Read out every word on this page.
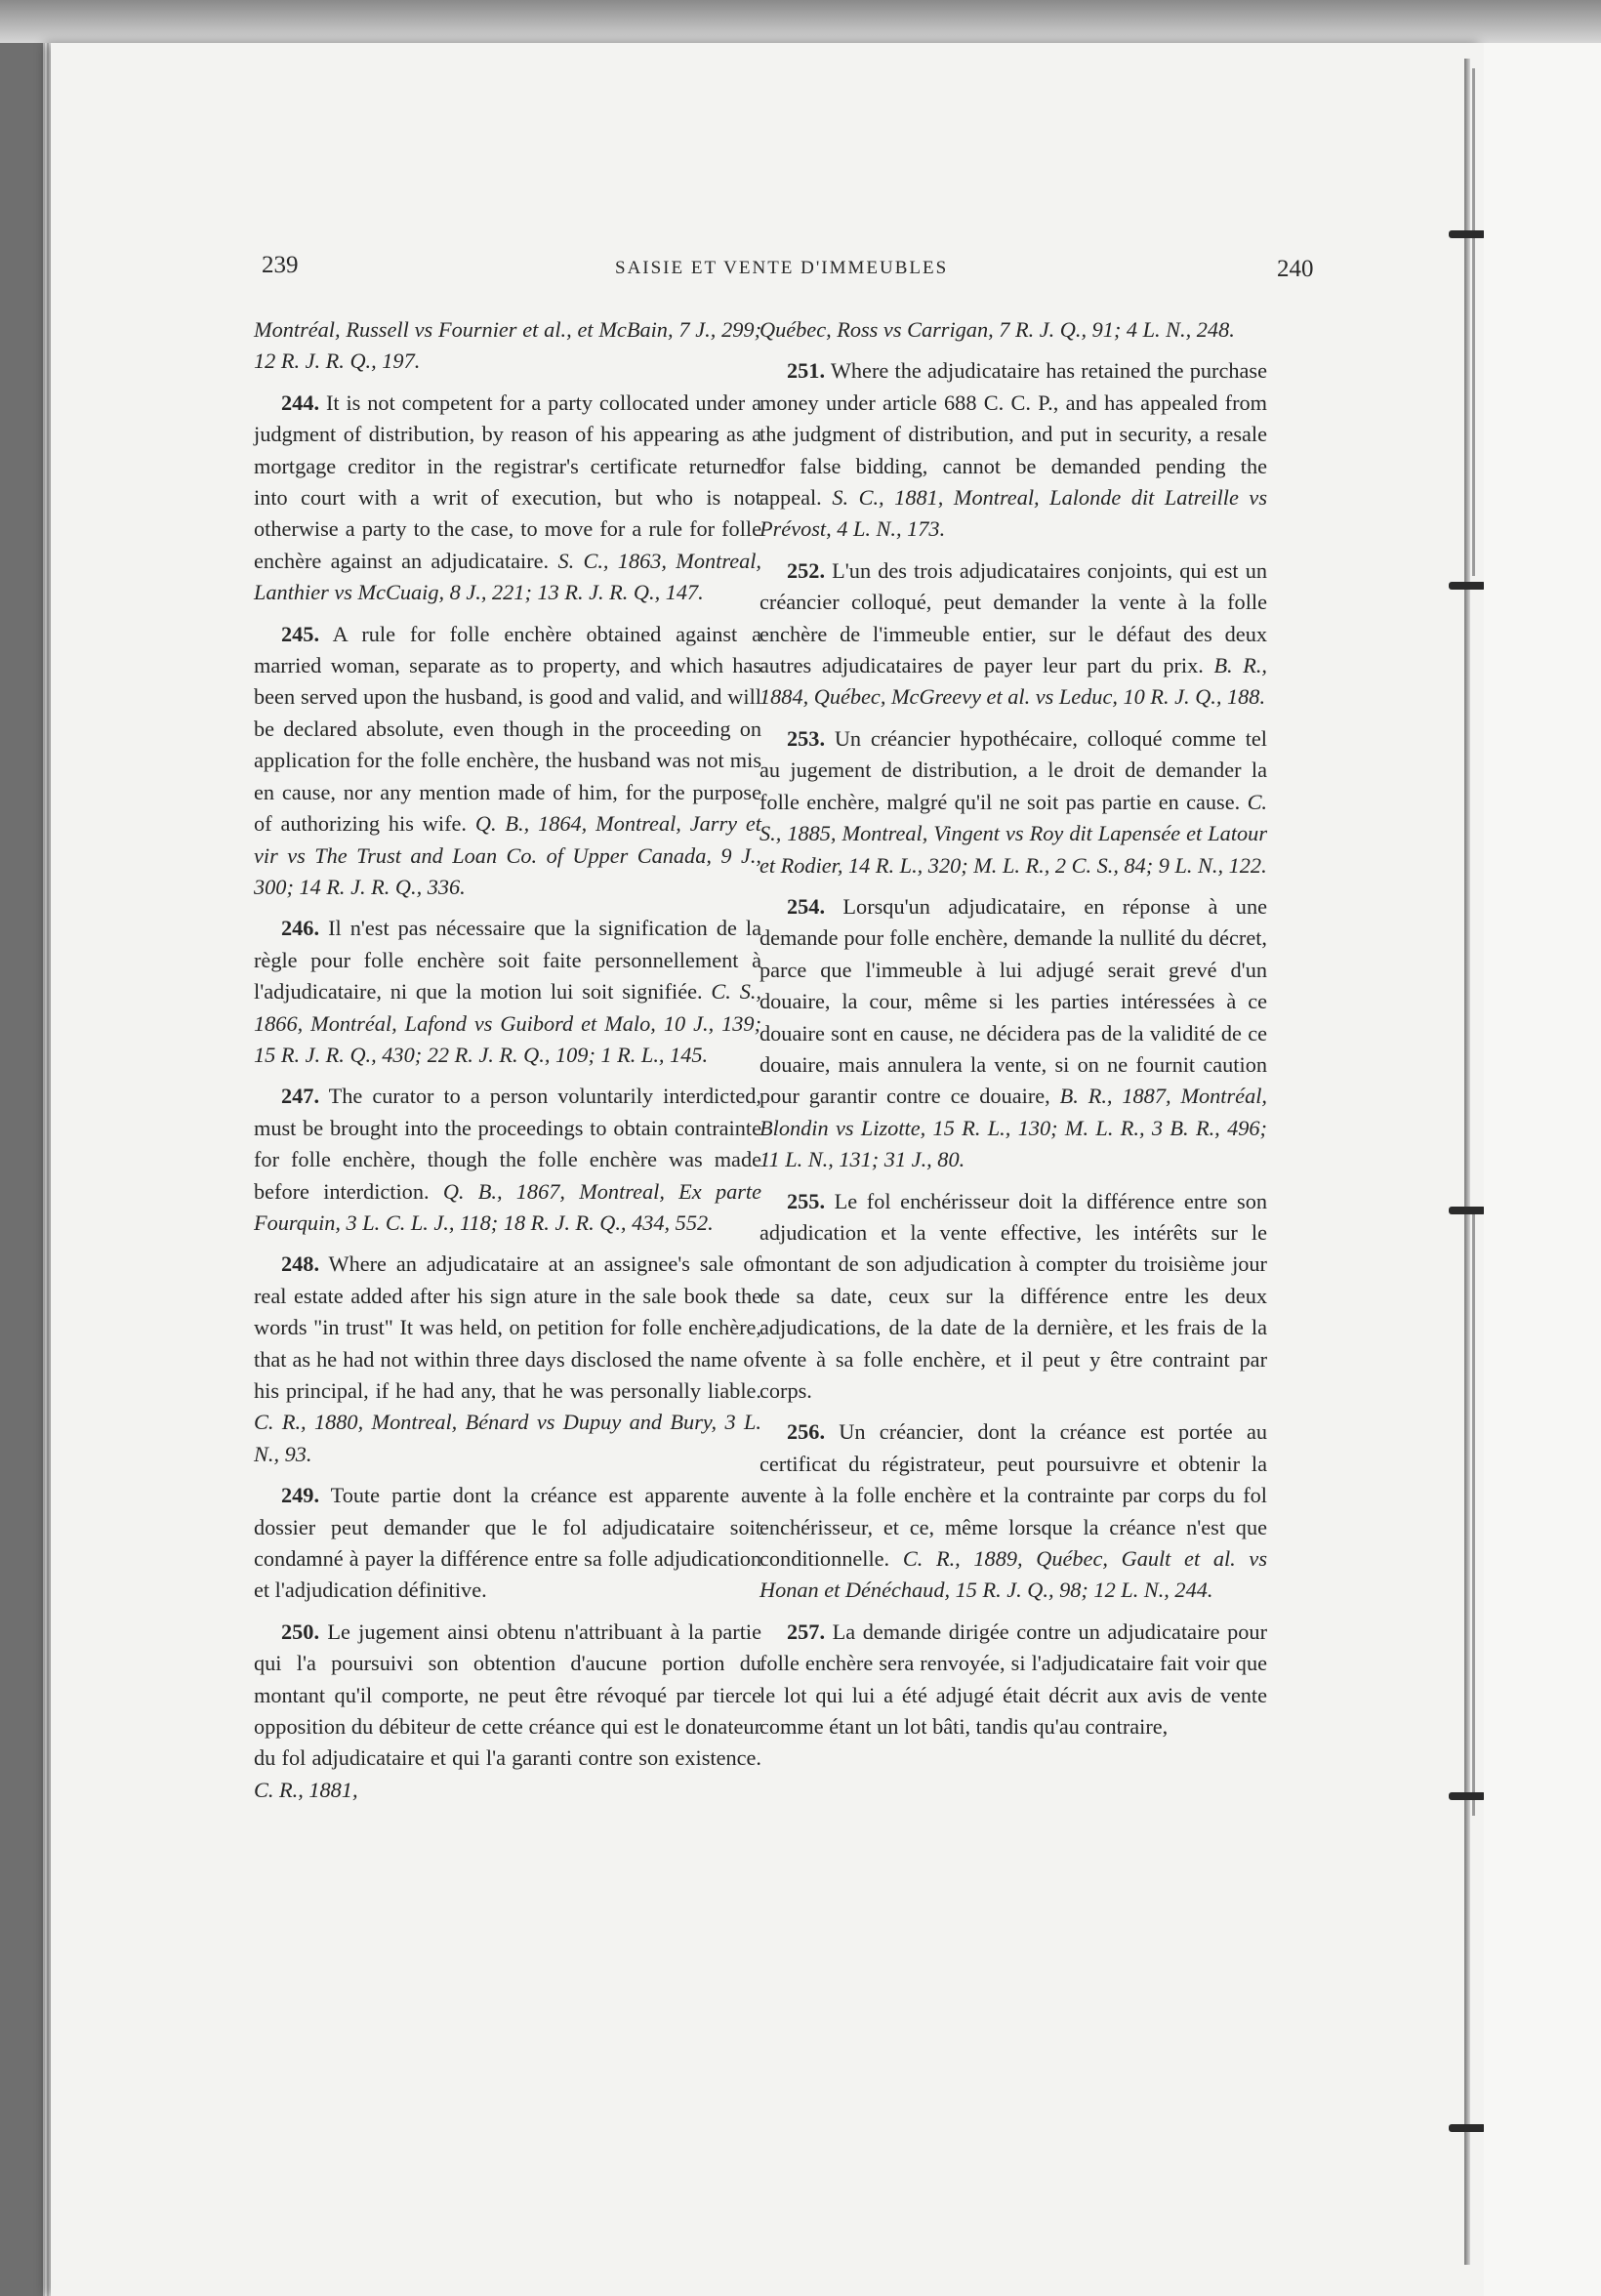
239	SAISIE ET VENTE D'IMMEUBLES	240

Montréal, Russell vs Fournier et al., et McBain, 7 J., 299; 12 R. J. R. Q., 197.

244. It is not competent for a party collocated under a judgment of distribution, by reason of his appearing as a mortgage creditor in the registrar's certificate returned into court with a writ of execution, but who is not otherwise a party to the case, to move for a rule for folle enchère against an adjudicataire. S. C., 1863, Montreal, Lanthier vs McCuaig, 8 J., 221; 13 R. J. R. Q., 147.

245. A rule for folle enchère obtained against a married woman, separate as to property, and which has been served upon the husband, is good and valid, and will be declared absolute, even though in the proceeding on application for the folle enchère, the husband was not mis en cause, nor any mention made of him, for the purpose of authorizing his wife. Q. B., 1864, Montreal, Jarry et vir vs The Trust and Loan Co. of Upper Canada, 9 J., 300; 14 R. J. R. Q., 336.

246. Il n'est pas nécessaire que la signification de la règle pour folle enchère soit faite personnellement à l'adjudicataire, ni que la motion lui soit signifiée. C. S., 1866, Montréal, Lafond vs Guibord et Malo, 10 J., 139; 15 R. J. R. Q., 430; 22 R. J. R. Q., 109; 1 R. L., 145.

247. The curator to a person voluntarily interdicted, must be brought into the proceedings to obtain contrainte for folle enchère, though the folle enchère was made before interdiction. Q. B., 1867, Montreal, Ex parte Fourquin, 3 L. C. L. J., 118; 18 R. J. R. Q., 434, 552.

248. Where an adjudicataire at an assignee's sale of real estate added after his sign ature in the sale book the words "in trust" It was held, on petition for folle enchère, that as he had not within three days disclosed the name of his principal, if he had any, that he was personally liable. C. R., 1880, Montreal, Bénard vs Dupuy and Bury, 3 L. N., 93.

249. Toute partie dont la créance est apparente au dossier peut demander que le fol adjudicataire soit condamné à payer la différence entre sa folle adjudication et l'adjudication définitive.

250. Le jugement ainsi obtenu n'attribuant à la partie qui l'a poursuivi son obtention d'aucune portion du montant qu'il comporte, ne peut être révoqué par tierce opposition du débiteur de cette créance qui est le donateur du fol adjudicataire et qui l'a garanti contre son existence. C. R., 1881,

Québec, Ross vs Carrigan, 7 R. J. Q., 91; 4 L. N., 248.

251. Where the adjudicataire has retained the purchase money under article 688 C. C. P., and has appealed from the judgment of distribution, and put in security, a resale for false bidding, cannot be demanded pending the appeal. S. C., 1881, Montreal, Lalonde dit Latreille vs Prévost, 4 L. N., 173.

252. L'un des trois adjudicataires conjoints, qui est un créancier colloqué, peut demander la vente à la folle enchère de l'immeuble entier, sur le défaut des deux autres adjudicataires de payer leur part du prix. B. R., 1884, Québec, McGreevy et al. vs Leduc, 10 R. J. Q., 188.

253. Un créancier hypothécaire, colloqué comme tel au jugement de distribution, a le droit de demander la folle enchère, malgré qu'il ne soit pas partie en cause. C. S., 1885, Montreal, Vingent vs Roy dit Lapensée et Latour et Rodier, 14 R. L., 320; M. L. R., 2 C. S., 84; 9 L. N., 122.

254. Lorsqu'un adjudicataire, en réponse à une demande pour folle enchère, demande la nullité du décret, parce que l'immeuble à lui adjugé serait grevé d'un douaire, la cour, même si les parties intéressées à ce douaire sont en cause, ne décidera pas de la validité de ce douaire, mais annulera la vente, si on ne fournit caution pour garantir contre ce douaire, B. R., 1887, Montréal, Blondin vs Lizotte, 15 R. L., 130; M. L. R., 3 B. R., 496; 11 L. N., 131; 31 J., 80.

255. Le fol enchérisseur doit la différence entre son adjudication et la vente effective, les intérêts sur le montant de son adjudication à compter du troisième jour de sa date, ceux sur la différence entre les deux adjudications, de la date de la dernière, et les frais de la vente à sa folle enchère, et il peut y être contraint par corps.

256. Un créancier, dont la créance est portée au certificat du régistrateur, peut poursuivre et obtenir la vente à la folle enchère et la contrainte par corps du fol enchérisseur, et ce, même lorsque la créance n'est que conditionnelle. C. R., 1889, Québec, Gault et al. vs Honan et Dénéchaud, 15 R. J. Q., 98; 12 L. N., 244.

257. La demande dirigée contre un adjudicataire pour folle enchère sera renvoyée, si l'adjudicataire fait voir que le lot qui lui a été adjugé était décrit aux avis de vente comme étant un lot bâti, tandis qu'au contraire,
